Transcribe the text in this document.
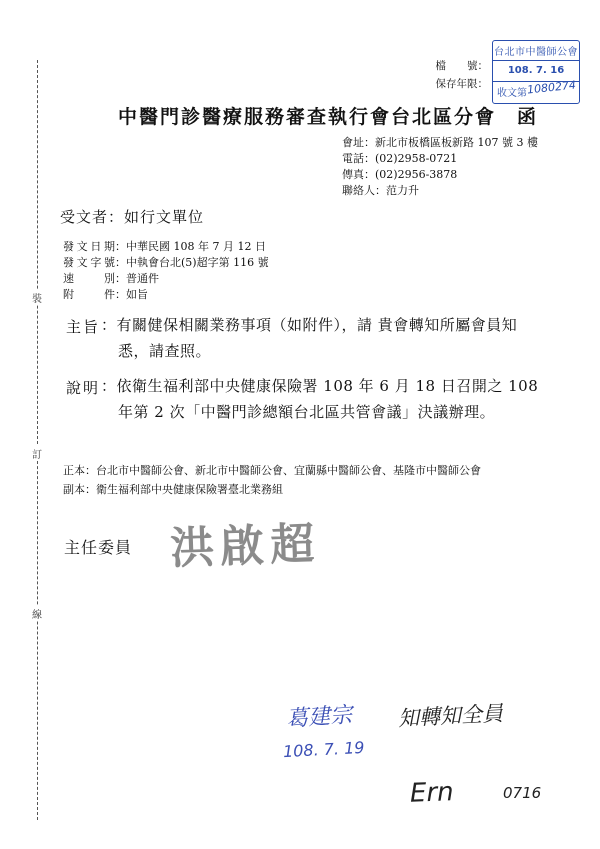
裝
訂
線
檔　　號：
保存年限：
台北市中醫師公會
108. 7. 16
收文第 1080274
中醫門診醫療服務審查執行會台北區分會　函
會址：新北市板橋區板新路 107 號 3 樓
電話：(02)2958-0721
傳真：(02)2956-3878
聯絡人：范力升
受文者：如行文單位
發文日期：中華民國 108 年 7 月 12 日
發文字號：中執會台北(5)超字第 116 號
速別：普通件
附件：如旨
主旨 ：有關健保相關業務事項（如附件），請 貴會轉知所屬會員知
悉，請查照。
說明 ：依衛生福利部中央健康保險署 108 年 6 月 18 日召開之 108
年第 2 次「中醫門診總額台北區共管會議」決議辦理。
正本：台北市中醫師公會、新北市中醫師公會、宜蘭縣中醫師公會、基隆市中醫師公會
副本：衛生福利部中央健康保險署臺北業務組
主任委員 洪啟超
葛建宗
108. 7. 19
知轉知全員
Ern	0716
